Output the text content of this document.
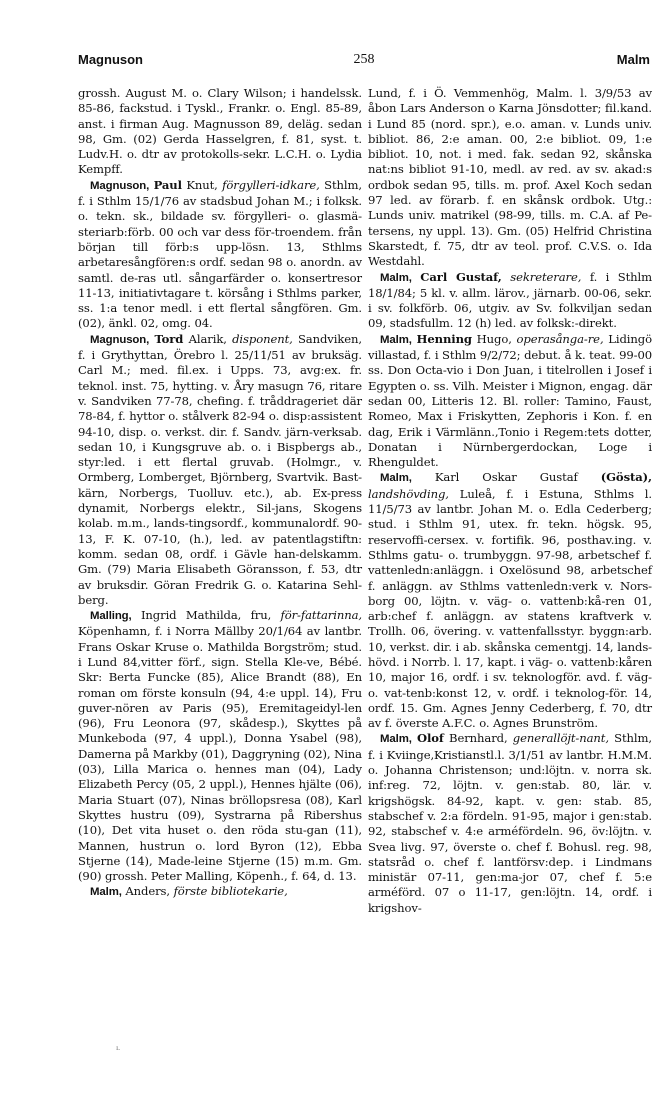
Magnuson	258	Malm

grossh. August M. o. Clary Wilson; i handelssk. 85-86, fackstud. i Tyskl., Frankr. o. Engl. 85-89, anst. i firman Aug. Magnusson 89, deläg. sedan 98, Gm. (02) Gerda Hasselgren, f. 81, syst. t. Ludv.H. o. dtr av protokolls-sekr. L.C.H. o. Lydia Kempff.

Magnuson, Paul Knut, förgylleri-idkare, Sthlm, f. i Sthlm 15/1/76 av stadsbud Johan M.; i folksk. o. tekn. sk., bildade sv. förgylleri- o. glasmä-steriarb:förb. 00 och var dess för-troendem. från början till förb:s upp-lösn. 13, Sthlms arbetaresångfören:s ordf. sedan 98 o. anordn. av samtl. de-ras utl. sångarfärder o. konsertresor 11-13, initiativtagare t. körsång i Sthlms parker, ss. 1:a tenor medl. i ett flertal sångfören. Gm. (02), änkl. 02, omg. 04.

Magnuson, Tord Alarik, disponent, Sandviken, f. i Grythyttan, Örebro l. 25/11/51 av bruksäg. Carl M.; med. fil.ex. i Upps. 73, avg:ex. fr. teknol. inst. 75, hytting. v. Åry masugn 76, ritare v. Sandviken 77-78, chefing. f. tråddrageriet där 78-84, f. hyttor o. stålverk 82-94 o. disp:assistent 94-10, disp. o. verkst. dir. f. Sandv. järn-verksab. sedan 10, i Kungsgruve ab. o. i Bispbergs ab., styr:led. i ett flertal gruvab. (Holmgr., v. Ormberg, Lomberget, Björnberg, Svartvik. Bast-kärn, Norbergs, Tuolluv. etc.), ab. Ex-press dynamit, Norbergs elektr., Sil-jans, Skogens kolab. m.m., lands-tingsordf., kommunalordf. 90-13, F. K. 07-10, (h.), led. av patentlagstiftn: komm. sedan 08, ordf. i Gävle han-delskamm. Gm. (79) Maria Elisabeth Göransson, f. 53, dtr av bruksdir. Göran Fredrik G. o. Katarina Sehl-berg.

Malling, Ingrid Mathilda, fru, för-fattarinna, Köpenhamn, f. i Norra Mällby 20/1/64 av lantbr. Frans Oskar Kruse o. Mathilda Borgström; stud. i Lund 84,vitter förf., sign. Stella Kle-ve, Bébé. Skr: Berta Funcke (85), Alice Brandt (88), En roman om förste konsuln (94, 4:e uppl. 14), Fru guver-nören av Paris (95), Eremitageidyl-len (96), Fru Leonora (97, skådesp.), Skyttes på Munkeboda (97, 4 uppl.), Donna Ysabel (98), Damerna på Markby (01), Daggryning (02), Nina (03), Lilla Marica o. hennes man (04), Lady Elizabeth Percy (05, 2 uppl.), Hennes hjälte (06), Maria Stuart (07), Ninas bröllopsresa (08), Karl Skyttes hustru (09), Systrarna på Ribershus (10), Det vita huset o. den röda stu-gan (11), Mannen, hustrun o. lord Byron (12), Ebba Stjerne (14), Made-leine Stjerne (15) m.m. Gm. (90) grossh. Peter Malling, Köpenh., f. 64, d. 13.

Malm, Anders, förste bibliotekarie,

Lund, f. i Ö. Vemmenhög, Malm. l. 3/9/53 av åbon Lars Anderson o Karna Jönsdotter; fil.kand. i Lund 85 (nord. spr.), e.o. aman. v. Lunds univ. bibliot. 86, 2:e aman. 00, 2:e bibliot. 09, 1:e bibliot. 10, not. i med. fak. sedan 92, skånska nat:ns bibliot 91-10, medl. av red. av sv. akad:s ordbok sedan 95, tills. m. prof. Axel Koch sedan 97 led. av förarb. f. en skånsk ordbok. Utg.: Lunds univ. matrikel (98-99, tills. m. C.A. af Pe-tersens, ny uppl. 13). Gm. (05) Helfrid Christina Skarstedt, f. 75, dtr av teol. prof. C.V.S. o. Ida Westdahl.

Malm, Carl Gustaf, sekreterare, f. i Sthlm 18/1/84; 5 kl. v. allm. lärov., järnarb. 00-06, sekr. i sv. folkförb. 06, utgiv. av Sv. folkviljan sedan 09, stadsfullm. 12 (h) led. av folksk:-direkt.

Malm, Henning Hugo, operasånga-re, Lidingö villastad, f. i Sthlm 9/2/72; debut. å k. teat. 99-00 ss. Don Octa-vio i Don Juan, i titelrollen i Josef i Egypten o. ss. Vilh. Meister i Mignon, engag. där sedan 00, Litteris 12. Bl. roller: Tamino, Faust, Romeo, Max i Friskytten, Zephoris i Kon. f. en dag, Erik i Värmlänn.,Tonio i Regem:tets dotter, Donatan i Nürnbergerdockan, Loge i Rhenguldet.

Malm, Karl Oskar Gustaf (Gösta), landshövding, Luleå, f. i Estuna, Sthlms l. 11/5/73 av lantbr. Johan M. o. Edla Cederberg; stud. i Sthlm 91, utex. fr. tekn. högsk. 95, reservoffi-cersex. v. fortifik. 96, posthav.ing. v. Sthlms gatu- o. trumbyggn. 97-98, arbetschef f. vattenledn:anläggn. i Oxelösund 98, arbetschef f. anläggn. av Sthlms vattenledn:verk v. Nors-borg 00, löjtn. v. väg- o. vattenb:kå-ren 01, arb:chef f. anläggn. av statens kraftverk v. Trollh. 06, övering. v. vattenfallsstyr. byggn:arb. 10, verkst. dir. i ab. skånska cementgj. 14, lands-hövd. i Norrb. l. 17, kapt. i väg- o. vattenb:kåren 10, major 16, ordf. i sv. teknologför. avd. f. väg- o. vat-tenb:konst 12, v. ordf. i teknolog-för. 14, ordf. 15. Gm. Agnes Jenny Cederberg, f. 70, dtr av f. överste A.F.C. o. Agnes Brunström.

Malm, Olof Bernhard, generallöjt-nant, Sthlm, f. i Kviinge,Kristianstl.l. 3/1/51 av lantbr. H.M.M. o. Johanna Christenson; und:löjtn. v. norra sk. inf:reg. 72, löjtn. v. gen:stab. 80, lär. v. krigshögsk. 84-92, kapt. v. gen: stab. 85, stabschef v. 2:a fördeln. 91-95, major i gen:stab. 92, stabschef v. 4:e arméfördeln. 96, öv:löjtn. v. Svea livg. 97, överste o. chef f. Bohusl. reg. 98, statsråd o. chef f. lantförsv:dep. i Lindmans ministär 07-11, gen:ma-jor 07, chef f. 5:e arméförd. 07 o 11-17, gen:löjtn. 14, ordf. i krigshov-

ᴸ
